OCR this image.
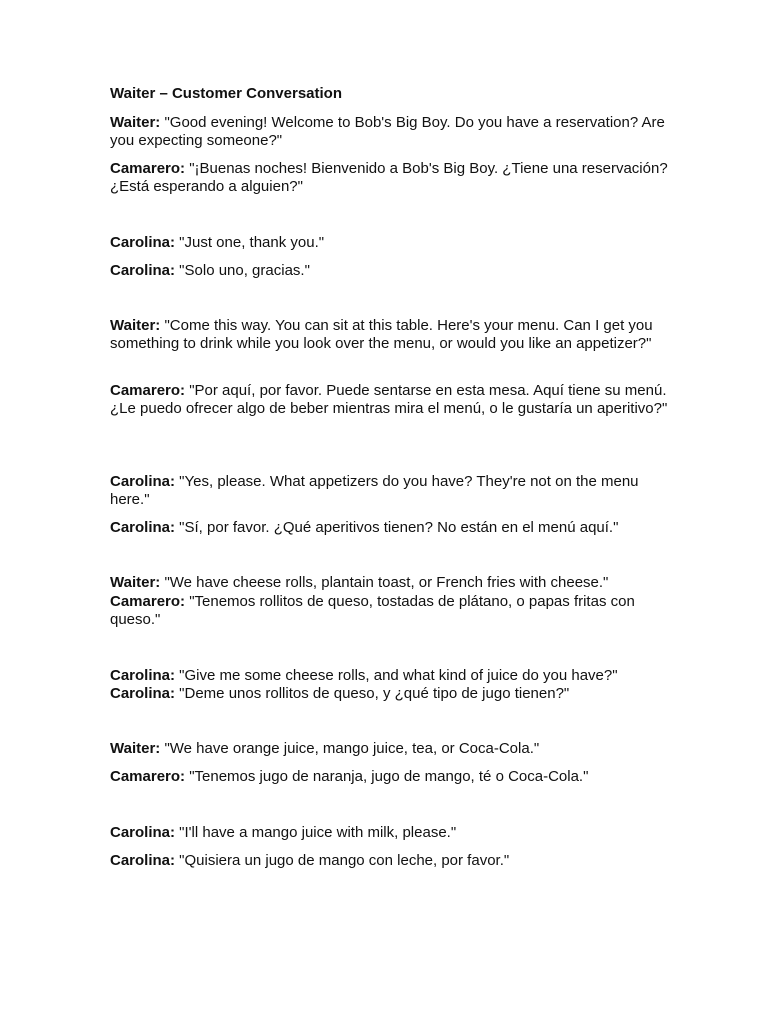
Waiter – Customer Conversation

Waiter: "Good evening! Welcome to Bob's Big Boy. Do you have a reservation? Are you expecting someone?"

Camarero: "¡Buenas noches! Bienvenido a Bob's Big Boy. ¿Tiene una reservación? ¿Está esperando a alguien?"

Carolina: "Just one, thank you."

Carolina: "Solo uno, gracias."

Waiter: "Come this way. You can sit at this table. Here's your menu. Can I get you something to drink while you look over the menu, or would you like an appetizer?"

Camarero: "Por aquí, por favor. Puede sentarse en esta mesa. Aquí tiene su menú. ¿Le puedo ofrecer algo de beber mientras mira el menú, o le gustaría un aperitivo?"

Carolina: "Yes, please. What appetizers do you have? They're not on the menu here."

Carolina: "Sí, por favor. ¿Qué aperitivos tienen? No están en el menú aquí."

Waiter: "We have cheese rolls, plantain toast, or French fries with cheese."

Camarero: "Tenemos rollitos de queso, tostadas de plátano, o papas fritas con queso."

Carolina: "Give me some cheese rolls, and what kind of juice do you have?"

Carolina: "Deme unos rollitos de queso, y ¿qué tipo de jugo tienen?"

Waiter: "We have orange juice, mango juice, tea, or Coca-Cola."

Camarero: "Tenemos jugo de naranja, jugo de mango, té o Coca-Cola."

Carolina: "I'll have a mango juice with milk, please."

Carolina: "Quisiera un jugo de mango con leche, por favor."
